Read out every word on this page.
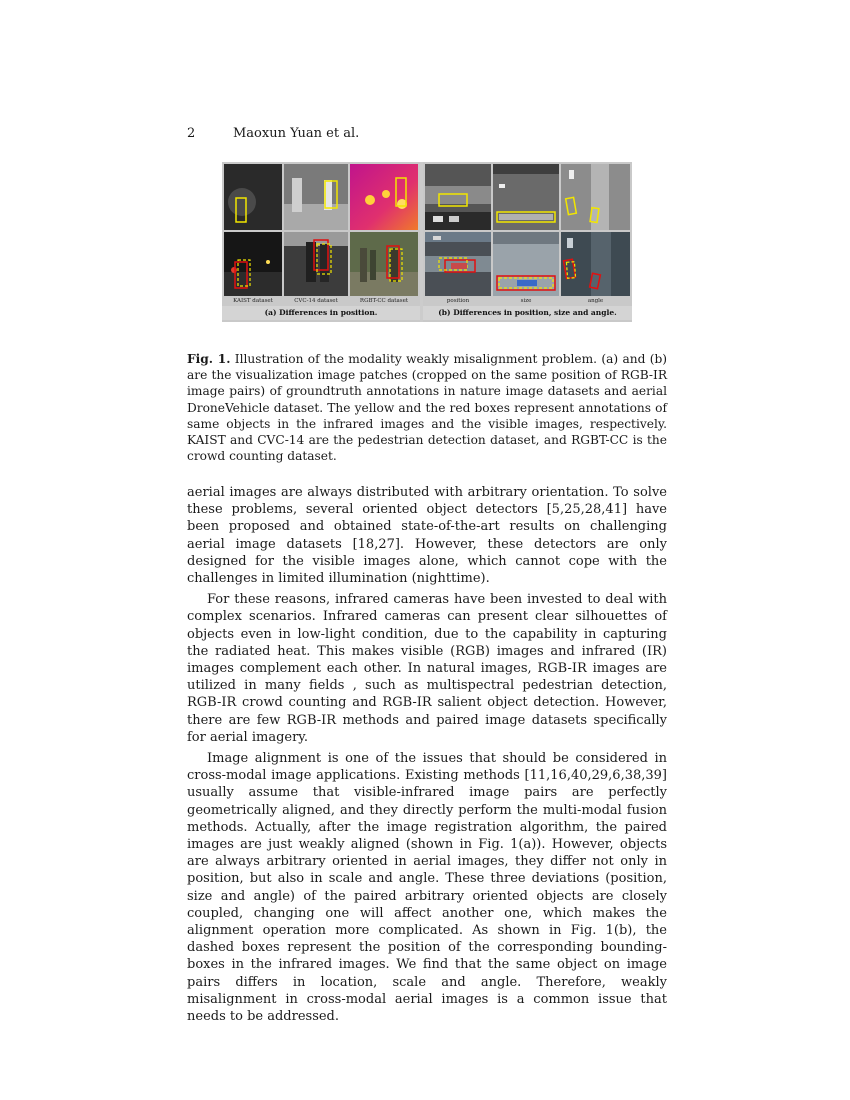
2	Maoxun Yuan et al.
KAIST dataset	CVC-14 dataset	RGBT-CC dataset
(a) Differences in position.
position	size	angle
(b) Differences in position, size and angle.
Fig. 1. Illustration of the modality weakly misalignment problem. (a) and (b) are the visualization image patches (cropped on the same position of RGB-IR image pairs) of groundtruth annotations in nature image datasets and aerial DroneVehicle dataset. The yellow and the red boxes represent annotations of same objects in the infrared images and the visible images, respectively. KAIST and CVC-14 are the pedestrian detection dataset, and RGBT-CC is the crowd counting dataset.

aerial images are always distributed with arbitrary orientation. To solve these problems, several oriented object detectors [5,25,28,41] have been proposed and obtained state-of-the-art results on challenging aerial image datasets [18,27]. However, these detectors are only designed for the visible images alone, which cannot cope with the challenges in limited illumination (nighttime).

For these reasons, infrared cameras have been invested to deal with complex scenarios. Infrared cameras can present clear silhouettes of objects even in low-light condition, due to the capability in capturing the radiated heat. This makes visible (RGB) images and infrared (IR) images complement each other. In natural images, RGB-IR images are utilized in many fields , such as multispectral pedestrian detection, RGB-IR crowd counting and RGB-IR salient object detection. However, there are few RGB-IR methods and paired image datasets specifically for aerial imagery.

Image alignment is one of the issues that should be considered in cross-modal image applications. Existing methods [11,16,40,29,6,38,39] usually assume that visible-infrared image pairs are perfectly geometrically aligned, and they directly perform the multi-modal fusion methods. Actually, after the image registration algorithm, the paired images are just weakly aligned (shown in Fig. 1(a)). However, objects are always arbitrary oriented in aerial images, they differ not only in position, but also in scale and angle. These three deviations (position, size and angle) of the paired arbitrary oriented objects are closely coupled, changing one will affect another one, which makes the alignment operation more complicated. As shown in Fig. 1(b), the dashed boxes represent the position of the corresponding bounding-boxes in the infrared images. We find that the same object on image pairs differs in location, scale and angle. Therefore, weakly misalignment in cross-modal aerial images is a common issue that needs to be addressed.
